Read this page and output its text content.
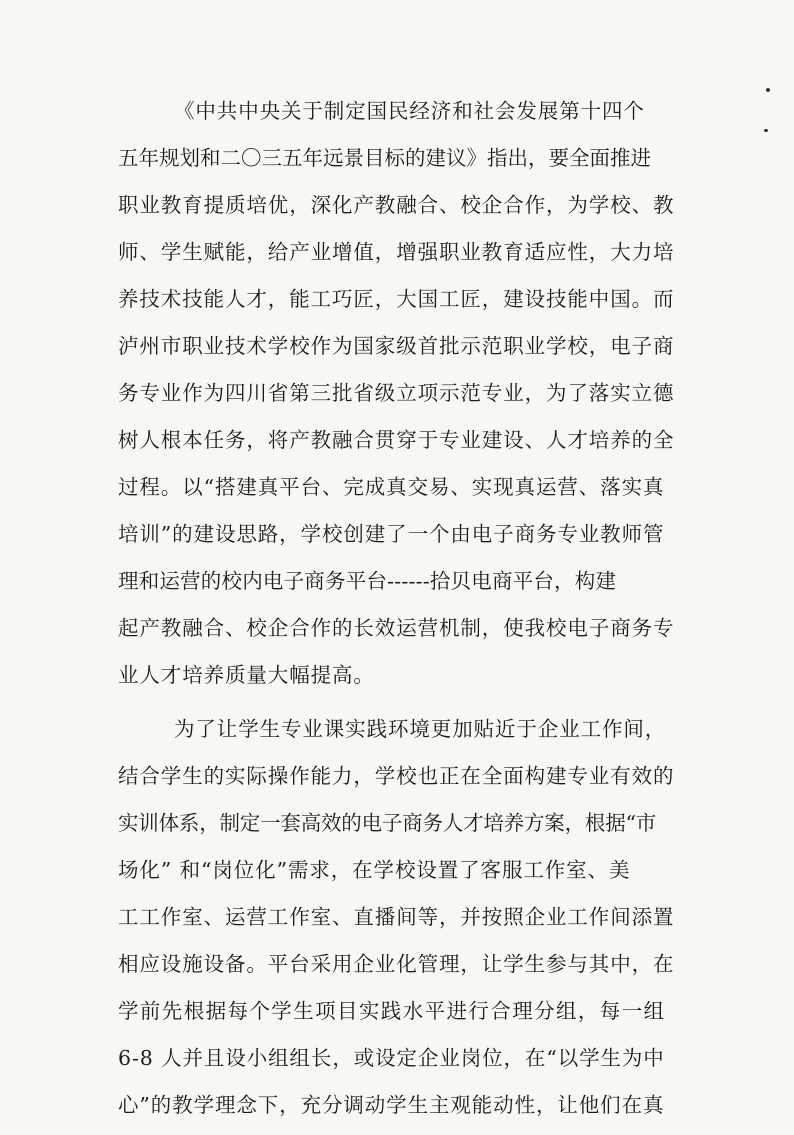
《中共中央关于制定国民经济和社会发展第十四个
五年规划和二〇三五年远景目标的建议》指出，要全面推进
职业教育提质培优，深化产教融合、校企合作，为学校、教
师、学生赋能，给产业增值，增强职业教育适应性，大力培
养技术技能人才，能工巧匠，大国工匠，建设技能中国。而
泸州市职业技术学校作为国家级首批示范职业学校，电子商
务专业作为四川省第三批省级立项示范专业，为了落实立德
树人根本任务，将产教融合贯穿于专业建设、人才培养的全
过程。以“搭建真平台、完成真交易、实现真运营、落实真
培训”的建设思路，学校创建了一个由电子商务专业教师管
理和运营的校内电子商务平台------拾贝电商平台，构建
起产教融合、校企合作的长效运营机制，使我校电子商务专
业人才培养质量大幅提高。
为了让学生专业课实践环境更加贴近于企业工作间，
结合学生的实际操作能力，学校也正在全面构建专业有效的
实训体系，制定一套高效的电子商务人才培养方案，根据“市
场化” 和“岗位化”需求，在学校设置了客服工作室、美
工工作室、运营工作室、直播间等，并按照企业工作间添置
相应设施设备。平台采用企业化管理，让学生参与其中，在
学前先根据每个学生项目实践水平进行合理分组，每一组
6-8 人并且设小组组长，或设定企业岗位，在“以学生为中
心”的教学理念下，充分调动学生主观能动性，让他们在真
